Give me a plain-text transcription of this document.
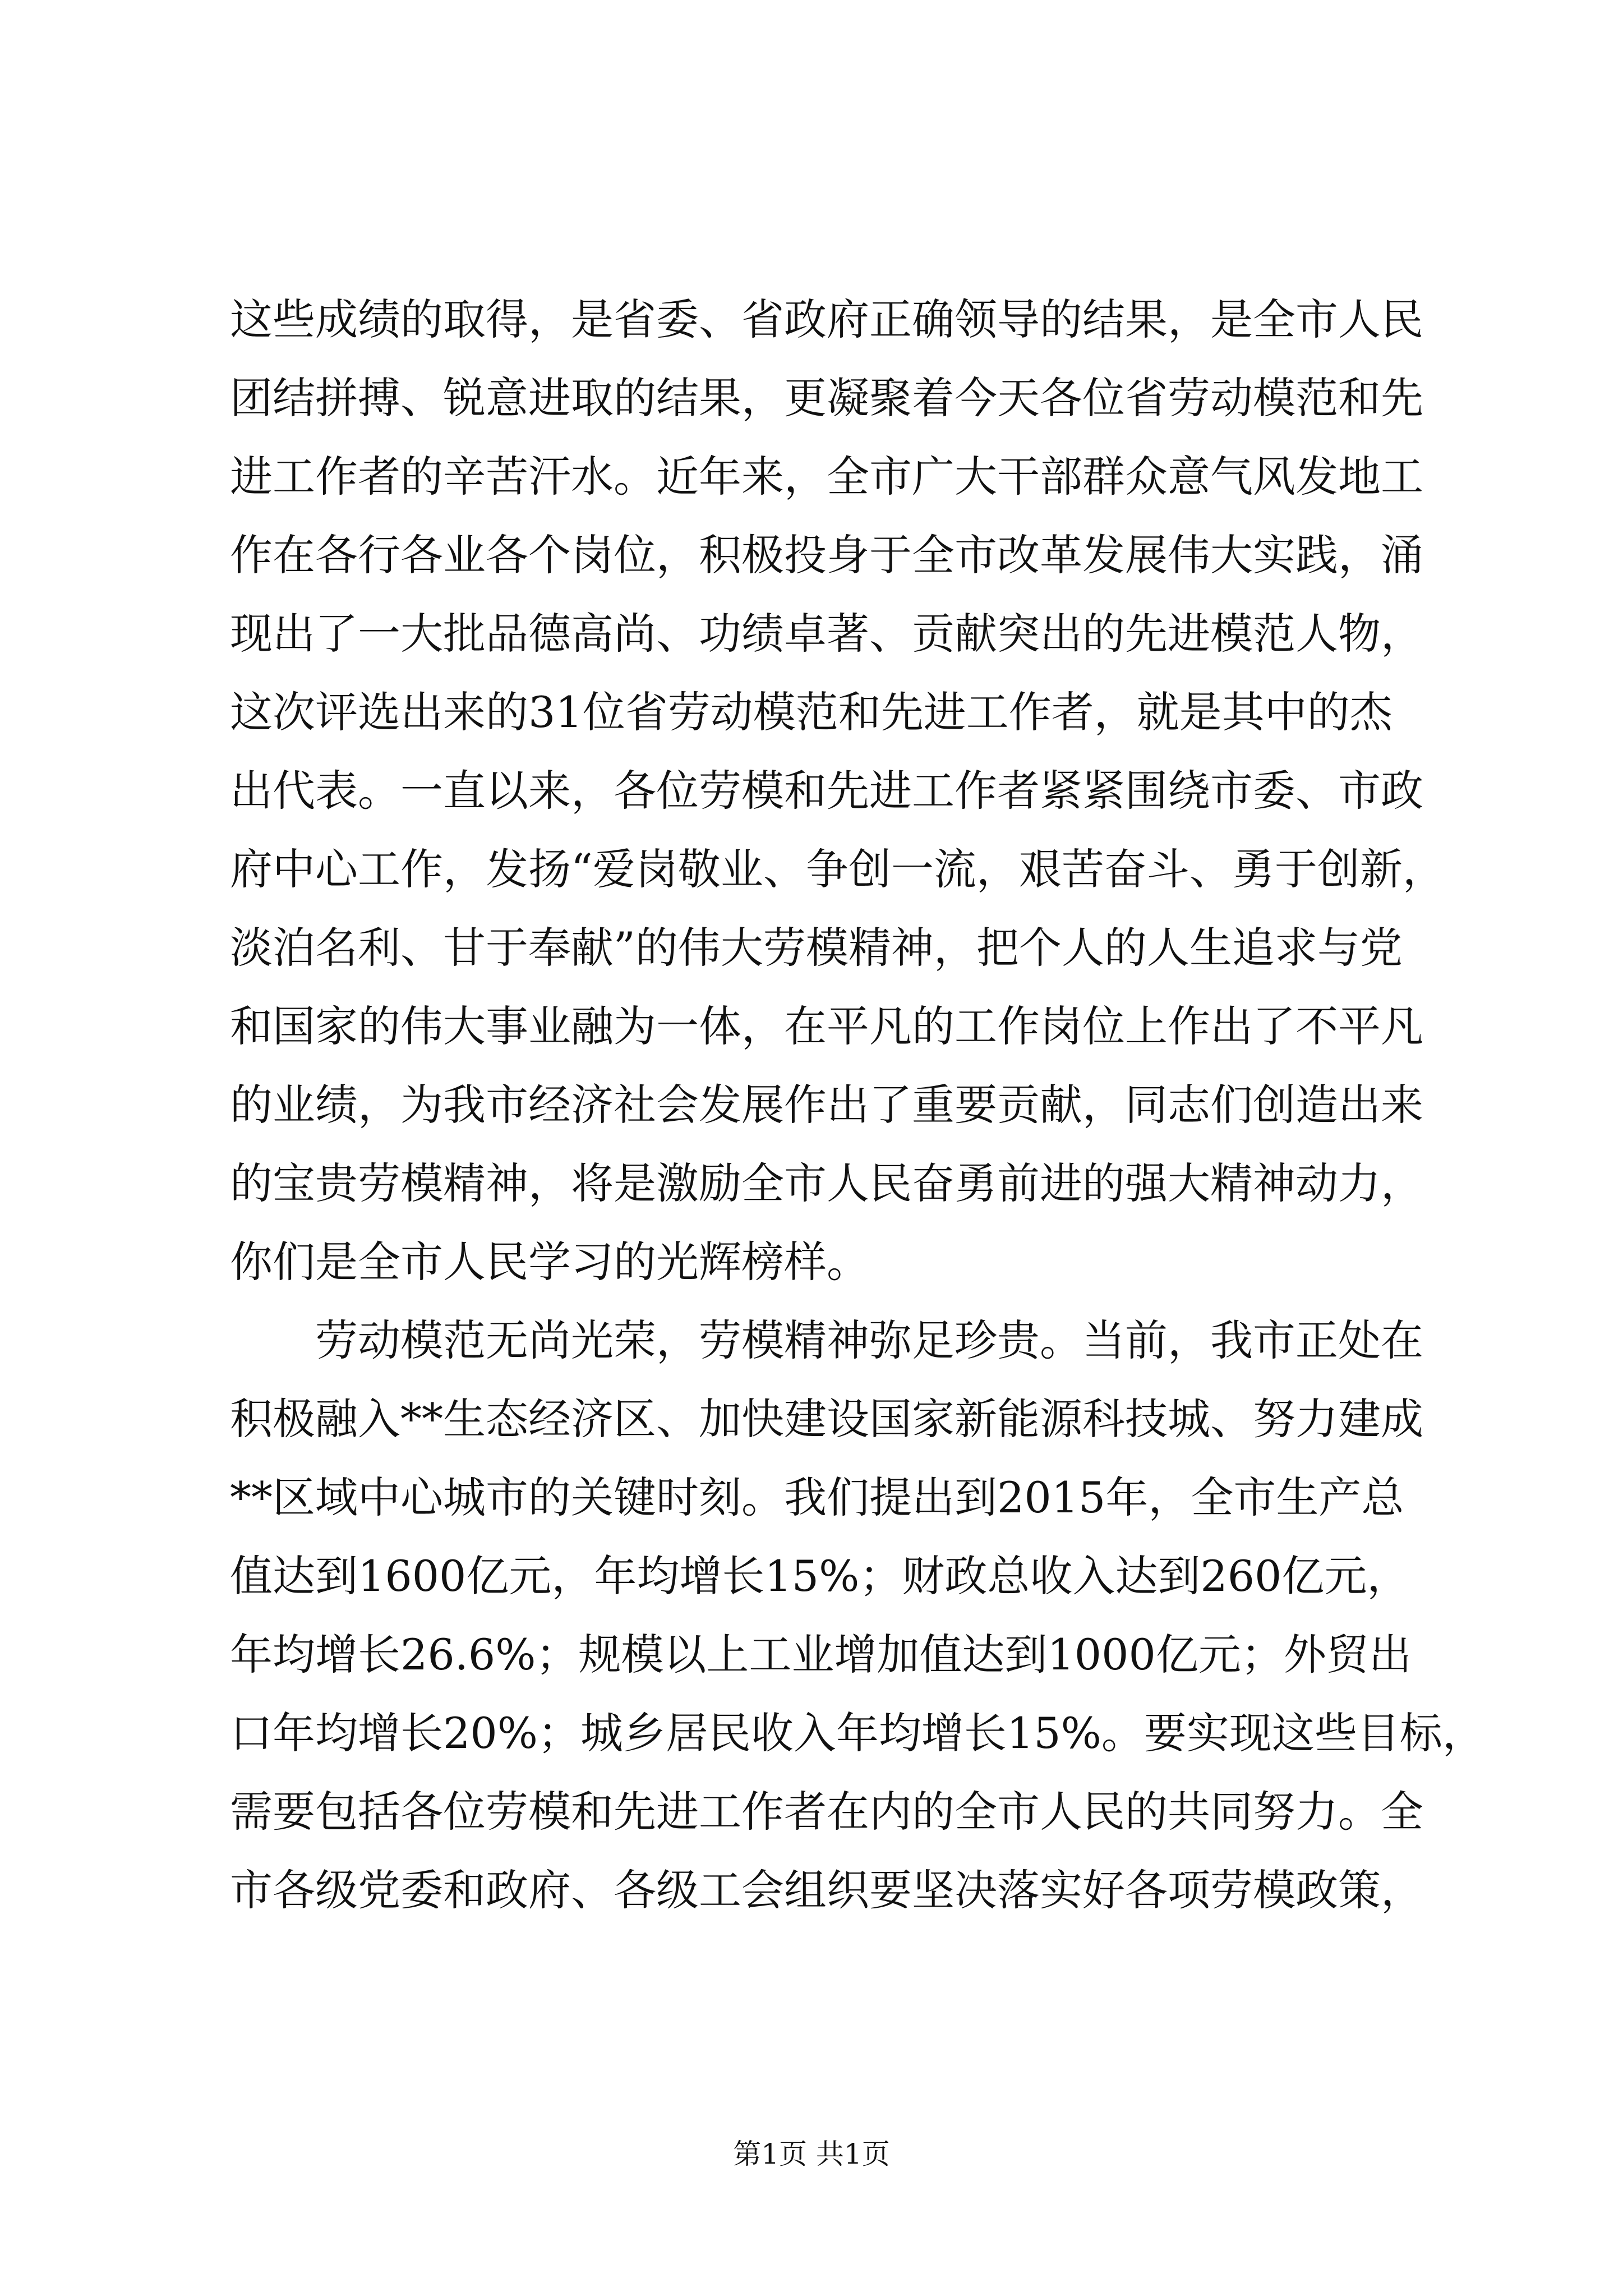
这些成绩的取得，是省委、省政府正确领导的结果，是全市人民
团结拼搏、锐意进取的结果，更凝聚着今天各位省劳动模范和先
进工作者的辛苦汗水。近年来，全市广大干部群众意气风发地工
作在各行各业各个岗位，积极投身于全市改革发展伟大实践，涌
现出了一大批品德高尚、功绩卓著、贡献突出的先进模范人物，
这次评选出来的31位省劳动模范和先进工作者，就是其中的杰
出代表。一直以来，各位劳模和先进工作者紧紧围绕市委、市政
府中心工作，发扬“爱岗敬业、争创一流，艰苦奋斗、勇于创新，
淡泊名利、甘于奉献”的伟大劳模精神，把个人的人生追求与党
和国家的伟大事业融为一体，在平凡的工作岗位上作出了不平凡
的业绩，为我市经济社会发展作出了重要贡献，同志们创造出来
的宝贵劳模精神，将是激励全市人民奋勇前进的强大精神动力，
你们是全市人民学习的光辉榜样。
　　劳动模范无尚光荣，劳模精神弥足珍贵。当前，我市正处在
积极融入**生态经济区、加快建设国家新能源科技城、努力建成
**区域中心城市的关键时刻。我们提出到2015年，全市生产总
值达到1600亿元，年均增长15%；财政总收入达到260亿元，
年均增长26.6%；规模以上工业增加值达到1000亿元；外贸出
口年均增长20%；城乡居民收入年均增长15%。要实现这些目标，
需要包括各位劳模和先进工作者在内的全市人民的共同努力。全
市各级党委和政府、各级工会组织要坚决落实好各项劳模政策，
第1页 共1页
